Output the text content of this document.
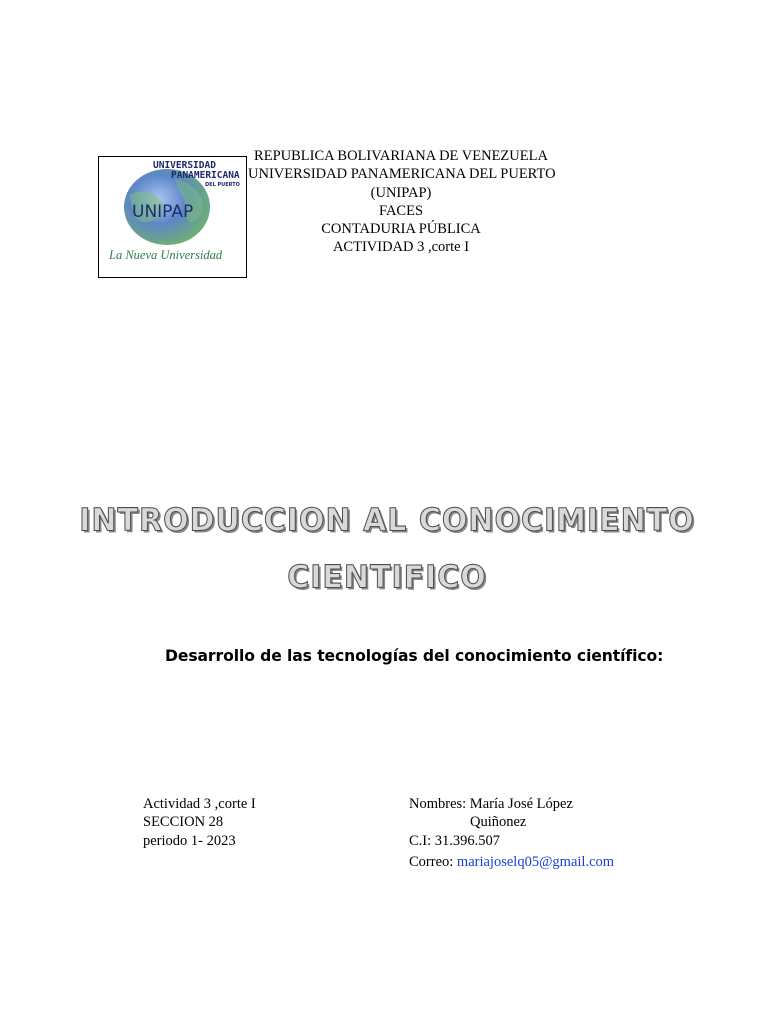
UNIVERSIDAD
PANAMERICANA
DEL PUERTO
UNIPAP
La Nueva Universidad
REPUBLICA BOLIVARIANA DE VENEZUELA
UNIVERSIDAD PANAMERICANA DEL PUERTO
(UNIPAP)
FACES
CONTADURIA PÚBLICA
ACTIVIDAD 3 ,corte I
INTRODUCCION AL CONOCIMIENTO
CIENTIFICO
Desarrollo de las tecnologías del conocimiento científico:
Actividad 3 ,corte I
SECCION 28
periodo 1- 2023
Nombres: María José López
Quiñonez
C.I: 31.396.507
Correo: mariajoselq05@gmail.com
